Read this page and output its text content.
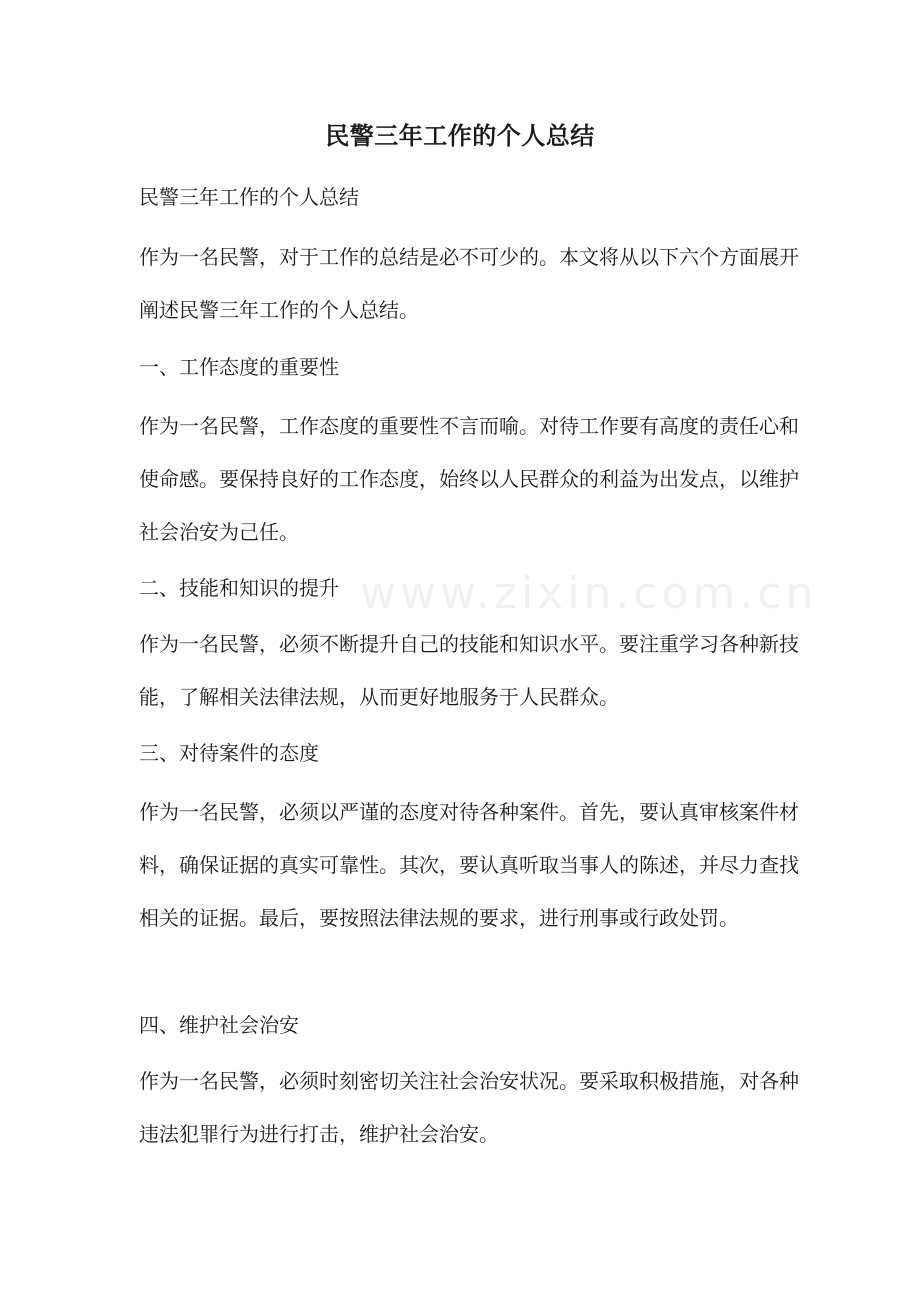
民警三年工作的个人总结

民警三年工作的个人总结

作为一名民警，对于工作的总结是必不可少的。本文将从以下六个方面展开阐述民警三年工作的个人总结。

一、工作态度的重要性

作为一名民警，工作态度的重要性不言而喻。对待工作要有高度的责任心和使命感。要保持良好的工作态度，始终以人民群众的利益为出发点，以维护社会治安为己任。

二、技能和知识的提升

作为一名民警，必须不断提升自己的技能和知识水平。要注重学习各种新技能，了解相关法律法规，从而更好地服务于人民群众。

三、对待案件的态度

作为一名民警，必须以严谨的态度对待各种案件。首先，要认真审核案件材料，确保证据的真实可靠性。其次，要认真听取当事人的陈述，并尽力查找相关的证据。最后，要按照法律法规的要求，进行刑事或行政处罚。

四、维护社会治安

作为一名民警，必须时刻密切关注社会治安状况。要采取积极措施，对各种违法犯罪行为进行打击，维护社会治安。

www.zixin.com.cn
